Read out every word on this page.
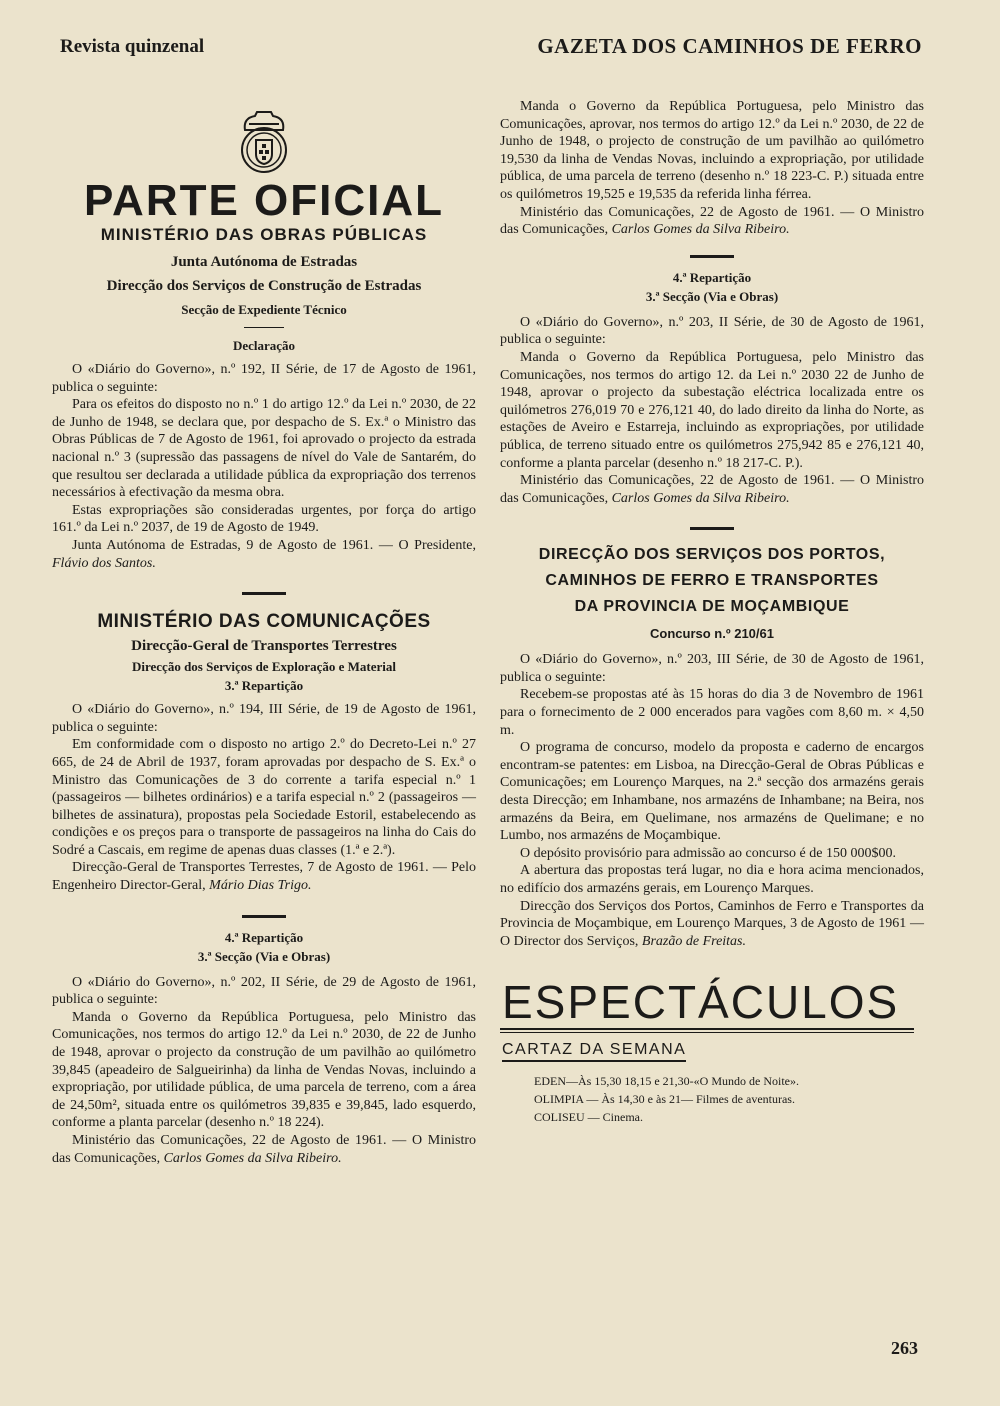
Revista quinzenal	GAZETA DOS CAMINHOS DE FERRO
PARTE OFICIAL
MINISTÉRIO DAS OBRAS PÚBLICAS
Junta Autónoma de Estradas
Direcção dos Serviços de Construção de Estradas
Secção de Expediente Técnico
Declaração

O «Diário do Governo», n.º 192, II Série, de 17 de Agosto de 1961, publica o seguinte:

Para os efeitos do disposto no n.º 1 do artigo 12.º da Lei n.º 2030, de 22 de Junho de 1948, se declara que, por despacho de S. Ex.ª o Ministro das Obras Públicas de 7 de Agosto de 1961, foi aprovado o projecto da estrada nacional n.º 3 (supressão das passagens de nível do Vale de Santarém, do que resultou ser declarada a utilidade pública da expropriação dos terrenos necessários à efectivação da mesma obra.

Estas expropriações são consideradas urgentes, por força do artigo 161.º da Lei n.º 2037, de 19 de Agosto de 1949.

Junta Autónoma de Estradas, 9 de Agosto de 1961. — O Presidente, Flávio dos Santos.

MINISTÉRIO DAS COMUNICAÇÕES
Direcção-Geral de Transportes Terrestres
Direcção dos Serviços de Exploração e Material
3.ª Repartição

O «Diário do Governo», n.º 194, III Série, de 19 de Agosto de 1961, publica o seguinte:

Em conformidade com o disposto no artigo 2.º do Decreto-Lei n.º 27 665, de 24 de Abril de 1937, foram aprovadas por despacho de S. Ex.ª o Ministro das Comunicações de 3 do corrente a tarifa especial n.º 1 (passageiros — bilhetes ordinários) e a tarifa especial n.º 2 (passageiros — bilhetes de assinatura), propostas pela Sociedade Estoril, estabelecendo as condições e os preços para o transporte de passageiros na linha do Cais do Sodré a Cascais, em regime de apenas duas classes (1.ª e 2.ª).

Direcção-Geral de Transportes Terrestes, 7 de Agosto de 1961. — Pelo Engenheiro Director-Geral, Mário Dias Trigo.

4.ª Repartição
3.ª Secção (Via e Obras)

O «Diário do Governo», n.º 202, II Série, de 29 de Agosto de 1961, publica o seguinte:

Manda o Governo da República Portuguesa, pelo Ministro das Comunicações, nos termos do artigo 12.º da Lei n.º 2030, de 22 de Junho de 1948, aprovar o projecto da construção de um pavilhão ao quilómetro 39,845 (apeadeiro de Salgueirinha) da linha de Vendas Novas, incluindo a expropriação, por utilidade pública, de uma parcela de terreno, com a área de 24,50m², situada entre os quilómetros 39,835 e 39,845, lado esquerdo, conforme a planta parcelar (desenho n.º 18 224).

Ministério das Comunicações, 22 de Agosto de 1961. — O Ministro das Comunicações, Carlos Gomes da Silva Ribeiro.

Manda o Governo da República Portuguesa, pelo Ministro das Comunicações, aprovar, nos termos do artigo 12.º da Lei n.º 2030, de 22 de Junho de 1948, o projecto de construção de um pavilhão ao quilómetro 19,530 da linha de Vendas Novas, incluindo a expropriação, por utilidade pública, de uma parcela de terreno (desenho n.º 18 223-C. P.) situada entre os quilómetros 19,525 e 19,535 da referida linha férrea.

Ministério das Comunicações, 22 de Agosto de 1961. — O Ministro das Comunicações, Carlos Gomes da Silva Ribeiro.

4.ª Repartição
3.ª Secção (Via e Obras)

O «Diário do Governo», n.º 203, II Série, de 30 de Agosto de 1961, publica o seguinte:

Manda o Governo da República Portuguesa, pelo Ministro das Comunicações, nos termos do artigo 12. da Lei n.º 2030 22 de Junho de 1948, aprovar o projecto da subestação eléctrica localizada entre os quilómetros 276,019 70 e 276,121 40, do lado direito da linha do Norte, as estações de Aveiro e Estarreja, incluindo as expropriações, por utilidade pública, de terreno situado entre os quilómetros 275,942 85 e 276,121 40, conforme a planta parcelar (desenho n.º 18 217-C. P.).

Ministério das Comunicações, 22 de Agosto de 1961. — O Ministro das Comunicações, Carlos Gomes da Silva Ribeiro.

DIRECÇÃO DOS SERVIÇOS DOS PORTOS,
CAMINHOS DE FERRO E TRANSPORTES
DA PROVINCIA DE MOÇAMBIQUE
Concurso n.º 210/61

O «Diário do Governo», n.º 203, III Série, de 30 de Agosto de 1961, publica o seguinte:

Recebem-se propostas até às 15 horas do dia 3 de Novembro de 1961 para o fornecimento de 2 000 encerados para vagões com 8,60 m. × 4,50 m.

O programa de concurso, modelo da proposta e caderno de encargos encontram-se patentes: em Lisboa, na Direcção-Geral de Obras Públicas e Comunicações; em Lourenço Marques, na 2.ª secção dos armazéns gerais desta Direcção; em Inhambane, nos armazéns de Inhambane; na Beira, nos armazéns da Beira, em Quelimane, nos armazéns de Quelimane; e no Lumbo, nos armazéns de Moçambique.

O depósito provisório para admissão ao concurso é de 150 000$00.

A abertura das propostas terá lugar, no dia e hora acima mencionados, no edifício dos armazéns gerais, em Lourenço Marques.

Direcção dos Serviços dos Portos, Caminhos de Ferro e Transportes da Provincia de Moçambique, em Lourenço Marques, 3 de Agosto de 1961 — O Director dos Serviços, Brazão de Freitas.

ESPECTÁCULOS
CARTAZ DA SEMANA
EDEN—Às 15,30 18,15 e 21,30-«O Mundo de Noite».
OLIMPIA — Às 14,30 e às 21— Filmes de aventuras.
COLISEU — Cinema.
263
